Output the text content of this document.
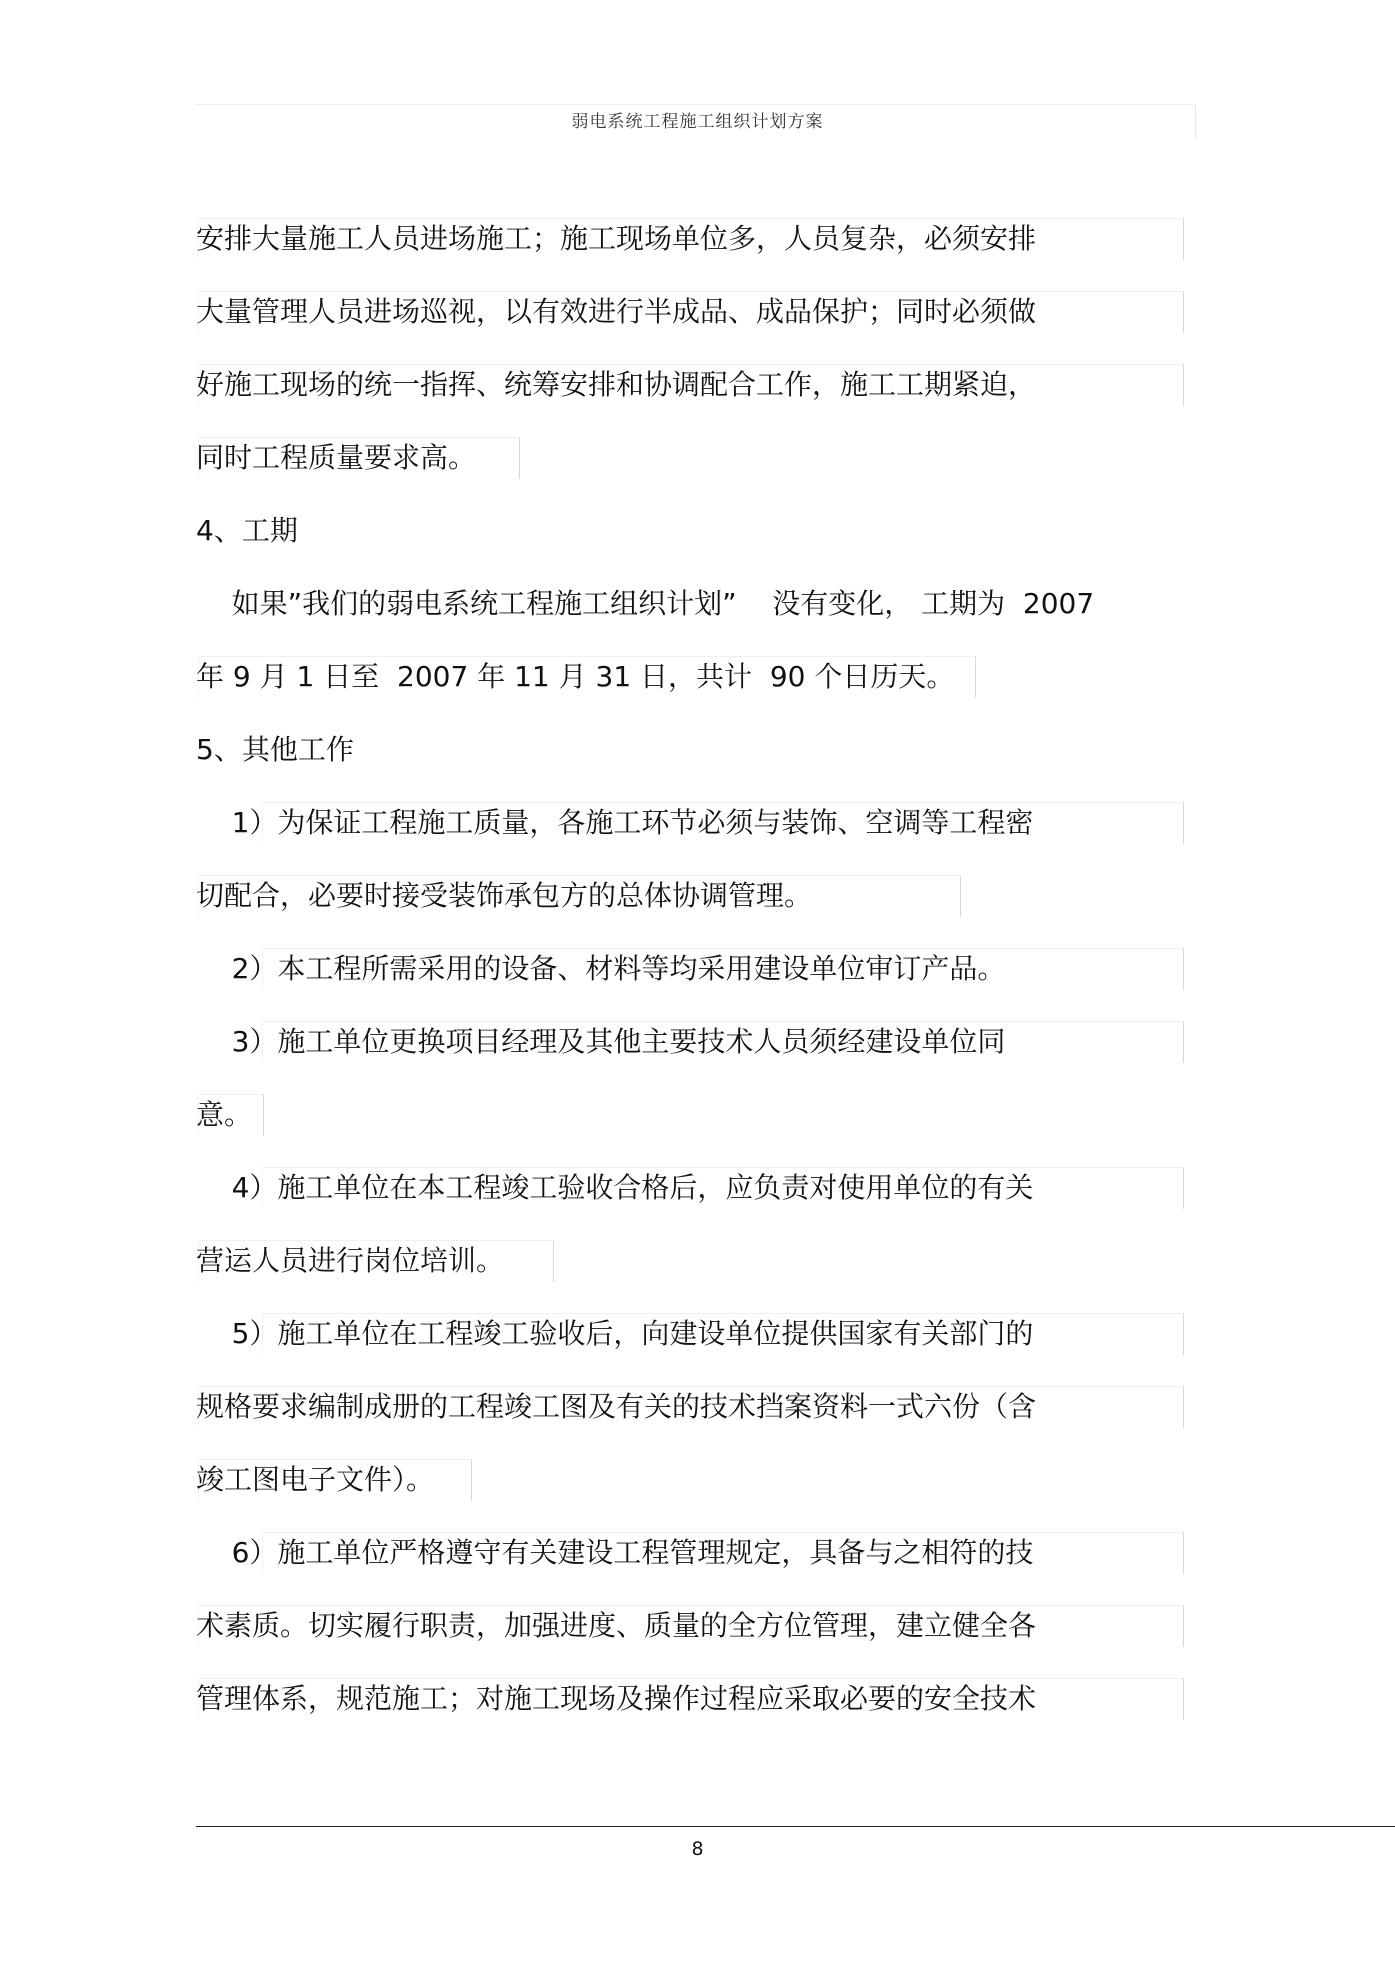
弱电系统工程施工组织计划方案
安排大量施工人员进场施工；施工现场单位多，人员复杂，必须安排
大量管理人员进场巡视，以有效进行半成品、成品保护；同时必须做
好施工现场的统一指挥、统筹安排和协调配合工作，施工工期紧迫，
同时工程质量要求高。
4、工期
如果”我们的弱电系统工程施工组织计划”    没有变化， 工期为  2007
年 9 月 1 日至  2007 年 11 月 31 日，共计  90 个日历天。
5、其他工作
1）为保证工程施工质量，各施工环节必须与装饰、空调等工程密
切配合，必要时接受装饰承包方的总体协调管理。
2）本工程所需采用的设备、材料等均采用建设单位审订产品。
3）施工单位更换项目经理及其他主要技术人员须经建设单位同
意。
4）施工单位在本工程竣工验收合格后，应负责对使用单位的有关
营运人员进行岗位培训。
5）施工单位在工程竣工验收后，向建设单位提供国家有关部门的
规格要求编制成册的工程竣工图及有关的技术挡案资料一式六份（含
竣工图电子文件）。
6）施工单位严格遵守有关建设工程管理规定，具备与之相符的技
术素质。切实履行职责，加强进度、质量的全方位管理，建立健全各
管理体系，规范施工；对施工现场及操作过程应采取必要的安全技术
8
